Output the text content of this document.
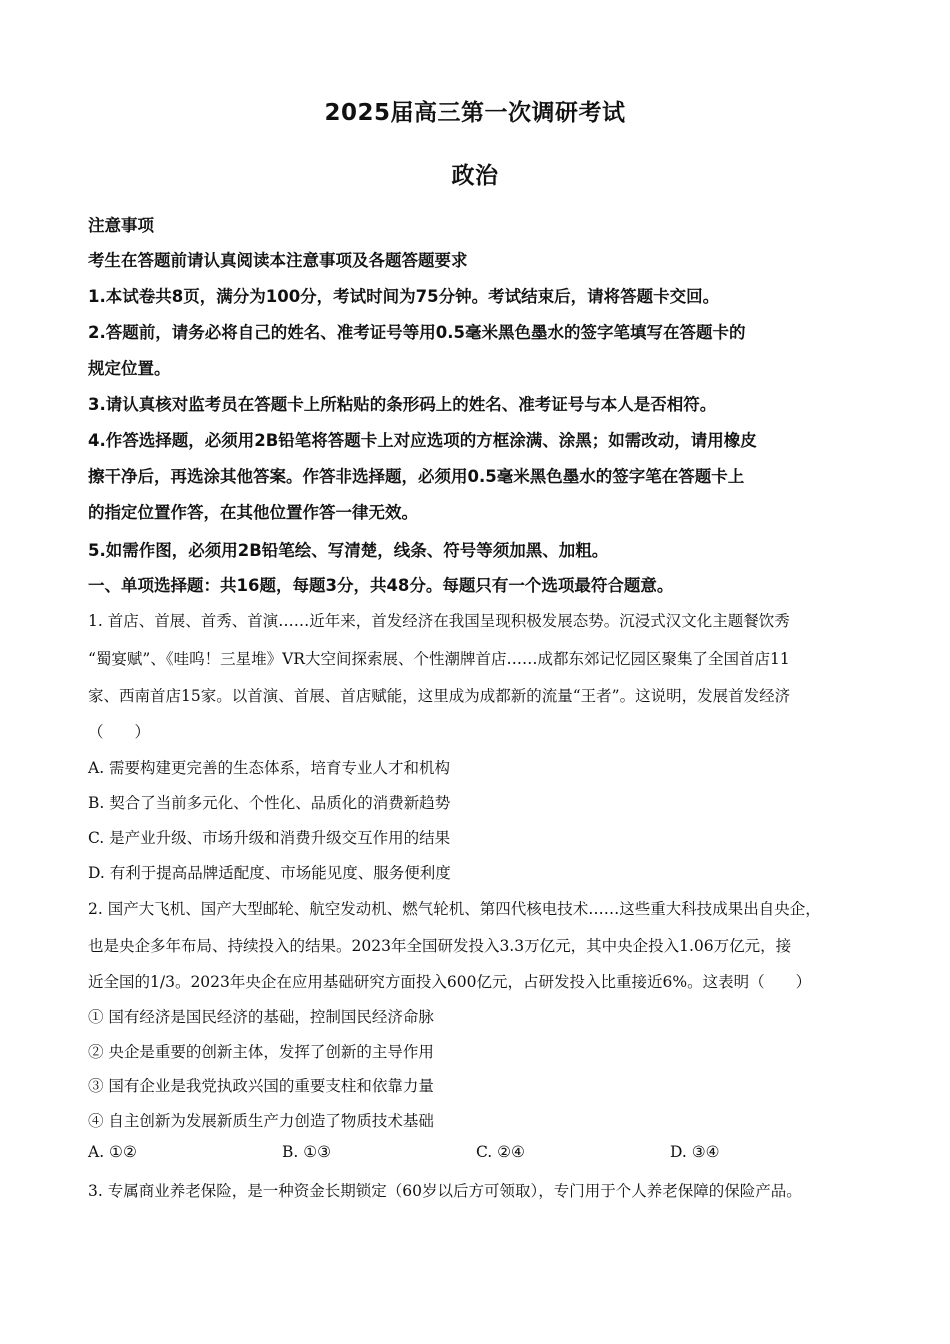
2025届高三第一次调研考试
政治
注意事项
考生在答题前请认真阅读本注意事项及各题答题要求
1.本试卷共8页，满分为100分，考试时间为75分钟。考试结束后，请将答题卡交回。
2.答题前，请务必将自己的姓名、准考证号等用0.5毫米黑色墨水的签字笔填写在答题卡的
规定位置。
3.请认真核对监考员在答题卡上所粘贴的条形码上的姓名、准考证号与本人是否相符。
4.作答选择题，必须用2B铅笔将答题卡上对应选项的方框涂满、涂黑；如需改动，请用橡皮
擦干净后，再选涂其他答案。作答非选择题，必须用0.5毫米黑色墨水的签字笔在答题卡上
的指定位置作答，在其他位置作答一律无效。
5.如需作图，必须用2B铅笔绘、写清楚，线条、符号等须加黑、加粗。
一、单项选择题：共16题，每题3分，共48分。每题只有一个选项最符合题意。
1. 首店、首展、首秀、首演……近年来，首发经济在我国呈现积极发展态势。沉浸式汉文化主题餐饮秀
“蜀宴赋”、《哇呜！三星堆》VR大空间探索展、个性潮牌首店……成都东郊记忆园区聚集了全国首店11
家、西南首店15家。以首演、首展、首店赋能，这里成为成都新的流量“王者”。这说明，发展首发经济
（　　）
A. 需要构建更完善的生态体系，培育专业人才和机构
B. 契合了当前多元化、个性化、品质化的消费新趋势
C. 是产业升级、市场升级和消费升级交互作用的结果
D. 有利于提高品牌适配度、市场能见度、服务便利度
2. 国产大飞机、国产大型邮轮、航空发动机、燃气轮机、第四代核电技术……这些重大科技成果出自央企，
也是央企多年布局、持续投入的结果。2023年全国研发投入3.3万亿元，其中央企投入1.06万亿元，接
近全国的1/3。2023年央企在应用基础研究方面投入600亿元，占研发投入比重接近6%。这表明（　　）
① 国有经济是国民经济的基础，控制国民经济命脉
② 央企是重要的创新主体，发挥了创新的主导作用
③ 国有企业是我党执政兴国的重要支柱和依靠力量
④ 自主创新为发展新质生产力创造了物质技术基础
A. ①②	B. ①③	C. ②④	D. ③④
3. 专属商业养老保险，是一种资金长期锁定（60岁以后方可领取），专门用于个人养老保障的保险产品。
